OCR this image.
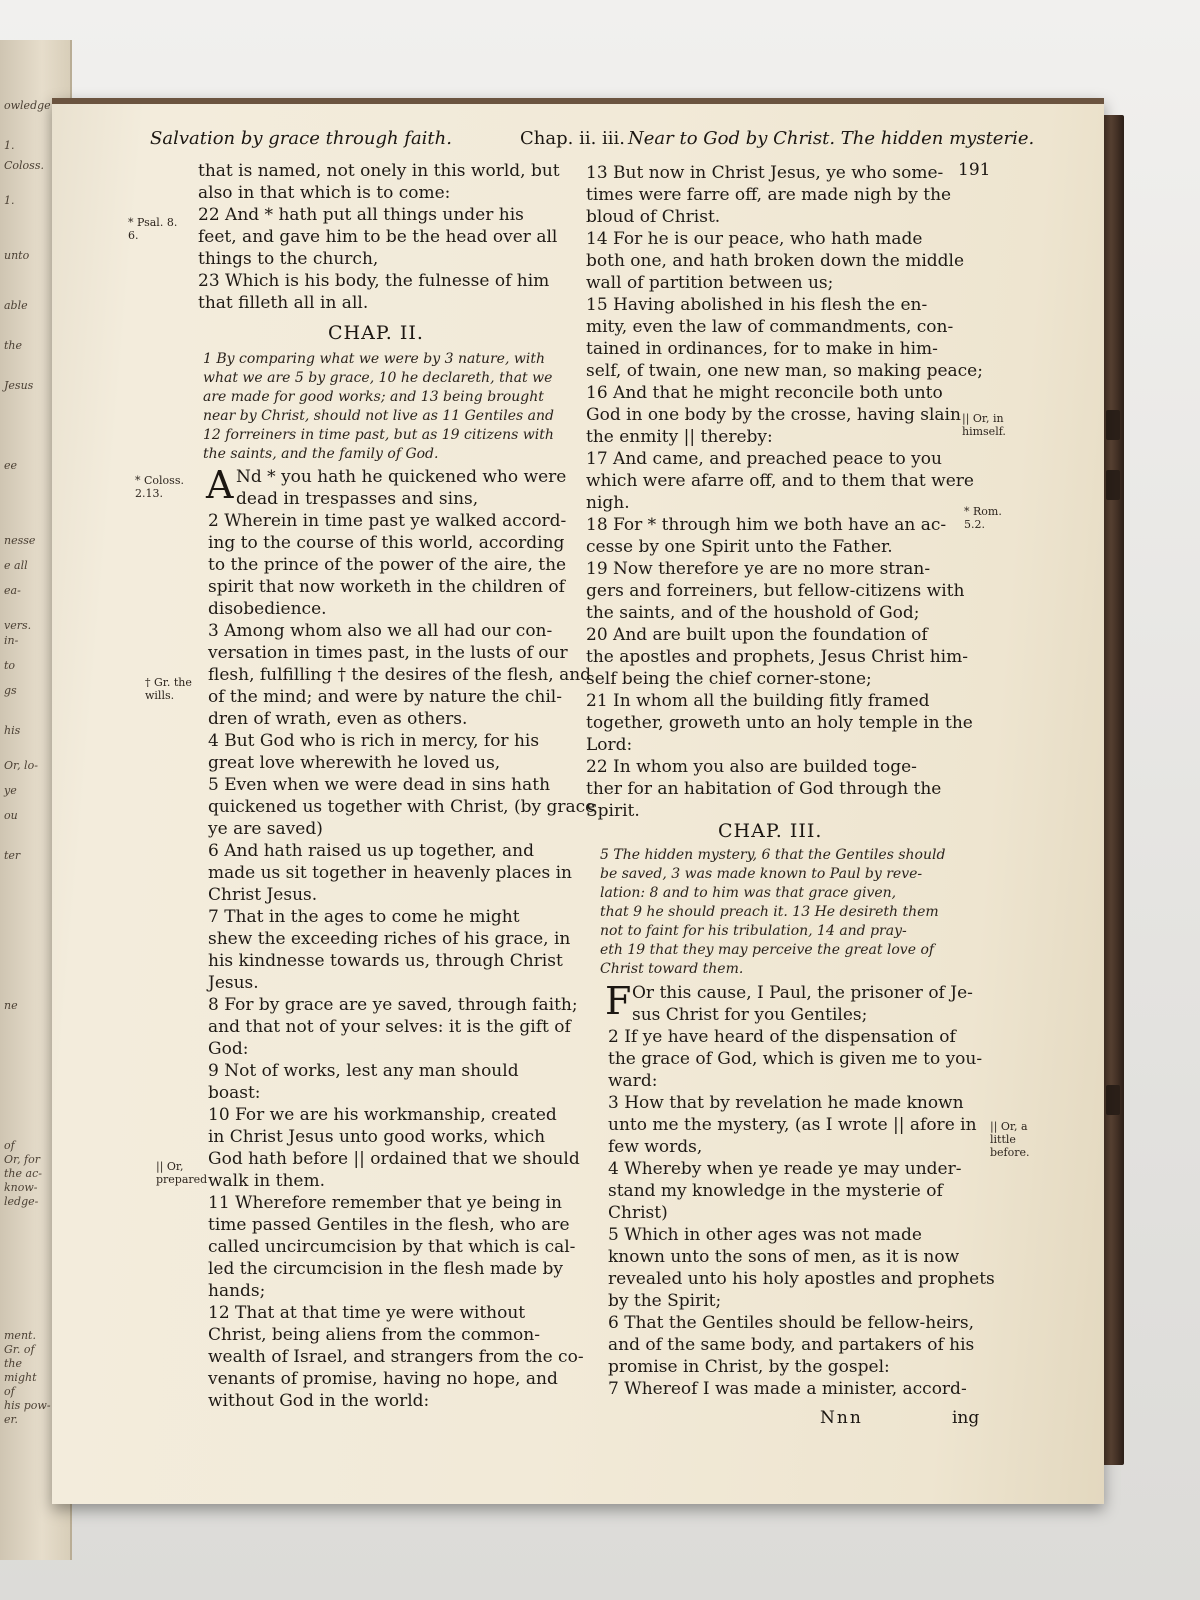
owledge
1.
Coloss.
1.
unto
able
the
Jesus
ee
nesse
e all
ea-
vers.
in-
to
gs
his
Or, lo-
ye
ou
ter
ne
of
Or, for
the ac-
know-
ledge-
ment.
Gr. of
the
might
of
his pow-
er.
Salvation by grace through faith.	Chap. ii. iii. Near to God by Christ. The hidden mysterie.
191
that is named, not onely in this world, but
also in that which is to come:
22 And * hath put all things under his
feet, and gave him to be the head over all
things to the church,
23 Which is his body, the fulnesse of him
that filleth all in all.
CHAP. II.
1 By comparing what we were by 3 nature, with
what we are 5 by grace, 10 he declareth, that we
are made for good works; and 13 being brought
near by Christ, should not live as 11 Gentiles and
12 forreiners in time past, but as 19 citizens with
the saints, and the family of God.
A Nd * you hath he quickened who were
dead in trespasses and sins,
2 Wherein in time past ye walked accord-
ing to the course of this world, according
to the prince of the power of the aire, the
spirit that now worketh in the children of
disobedience.
3 Among whom also we all had our con-
versation in times past, in the lusts of our
flesh, fulfilling † the desires of the flesh, and
of the mind; and were by nature the chil-
dren of wrath, even as others.
4 But God who is rich in mercy, for his
great love wherewith he loved us,
5 Even when we were dead in sins hath
quickened us together with Christ, (by grace
ye are saved)
6 And hath raised us up together, and
made us sit together in heavenly places in
Christ Jesus.
7 That in the ages to come he might
shew the exceeding riches of his grace, in
his kindnesse towards us, through Christ
Jesus.
8 For by grace are ye saved, through faith;
and that not of your selves: it is the gift of
God:
9 Not of works, lest any man should
boast:
10 For we are his workmanship, created
in Christ Jesus unto good works, which
God hath before || ordained that we should
walk in them.
11 Wherefore remember that ye being in
time passed Gentiles in the flesh, who are
called uncircumcision by that which is cal-
led the circumcision in the flesh made by
hands;
12 That at that time ye were without
Christ, being aliens from the common-
wealth of Israel, and strangers from the co-
venants of promise, having no hope, and
without God in the world:
13 But now in Christ Jesus, ye who some-
times were farre off, are made nigh by the
bloud of Christ.
14 For he is our peace, who hath made
both one, and hath broken down the middle
wall of partition between us;
15 Having abolished in his flesh the en-
mity, even the law of commandments, con-
tained in ordinances, for to make in him-
self, of twain, one new man, so making peace;
16 And that he might reconcile both unto
God in one body by the crosse, having slain
the enmity || thereby:
17 And came, and preached peace to you
which were afarre off, and to them that were
nigh.
18 For * through him we both have an ac-
cesse by one Spirit unto the Father.
19 Now therefore ye are no more stran-
gers and forreiners, but fellow-citizens with
the saints, and of the houshold of God;
20 And are built upon the foundation of
the apostles and prophets, Jesus Christ him-
self being the chief corner-stone;
21 In whom all the building fitly framed
together, groweth unto an holy temple in the
Lord:
22 In whom you also are builded toge-
ther for an habitation of God through the
Spirit.
CHAP. III.
5 The hidden mystery, 6 that the Gentiles should
be saved, 3 was made known to Paul by reve-
lation: 8 and to him was that grace given,
that 9 he should preach it. 13 He desireth them
not to faint for his tribulation, 14 and pray-
eth 19 that they may perceive the great love of
Christ toward them.
F Or this cause, I Paul, the prisoner of Je-
sus Christ for you Gentiles;
2 If ye have heard of the dispensation of
the grace of God, which is given me to you-
ward:
3 How that by revelation he made known
unto me the mystery, (as I wrote || afore in
few words,
4 Whereby when ye reade ye may under-
stand my knowledge in the mysterie of
Christ)
5 Which in other ages was not made
known unto the sons of men, as it is now
revealed unto his holy apostles and prophets
by the Spirit;
6 That the Gentiles should be fellow-heirs,
and of the same body, and partakers of his
promise in Christ, by the gospel:
7 Whereof I was made a minister, accord-
Nnn	ing
* Psal. 8.
6.
* Coloss.
2.13.
† Gr. the
wills.
|| Or,
prepared
|| Or, in
himself.
* Rom.
5.2.
|| Or, a
little
before.
